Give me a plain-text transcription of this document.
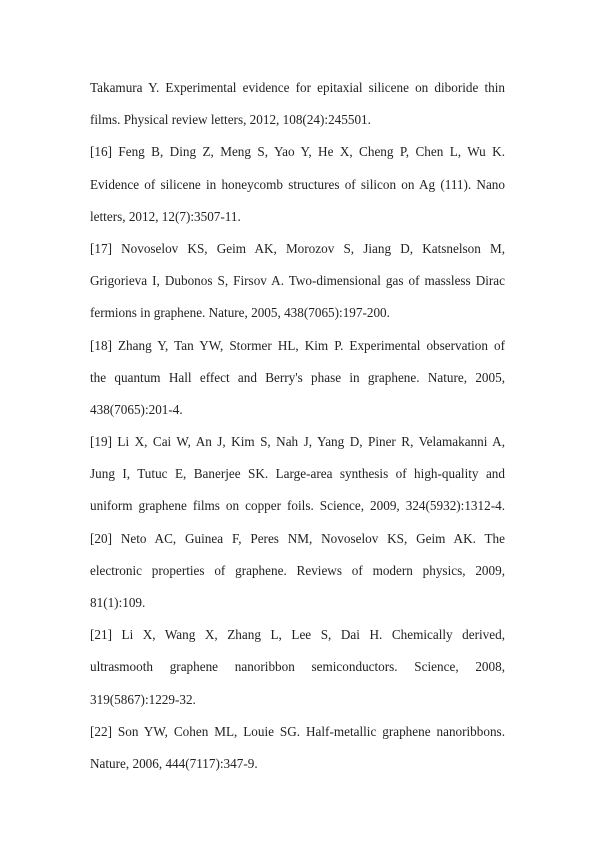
Takamura Y. Experimental evidence for epitaxial silicene on diboride thin
films. Physical review letters, 2012, 108(24):245501.
[16] Feng B, Ding Z, Meng S, Yao Y, He X, Cheng P, Chen L, Wu K.
Evidence of silicene in honeycomb structures of silicon on Ag (111). Nano
letters, 2012, 12(7):3507-11.
[17] Novoselov KS, Geim AK, Morozov S, Jiang D, Katsnelson M,
Grigorieva I, Dubonos S, Firsov A. Two-dimensional gas of massless Dirac
fermions in graphene. Nature, 2005, 438(7065):197-200.
[18] Zhang Y, Tan YW, Stormer HL, Kim P. Experimental observation of
the quantum Hall effect and Berry's phase in graphene. Nature, 2005,
438(7065):201-4.
[19] Li X, Cai W, An J, Kim S, Nah J, Yang D, Piner R, Velamakanni A,
Jung I, Tutuc E, Banerjee SK. Large-area synthesis of high-quality and
uniform graphene films on copper foils. Science, 2009, 324(5932):1312-4.
[20] Neto AC, Guinea F, Peres NM, Novoselov KS, Geim AK. The
electronic properties of graphene. Reviews of modern physics, 2009,
81(1):109.
[21] Li X, Wang X, Zhang L, Lee S, Dai H. Chemically derived,
ultrasmooth graphene nanoribbon semiconductors. Science, 2008,
319(5867):1229-32.
[22] Son YW, Cohen ML, Louie SG. Half-metallic graphene nanoribbons.
Nature, 2006, 444(7117):347-9.
